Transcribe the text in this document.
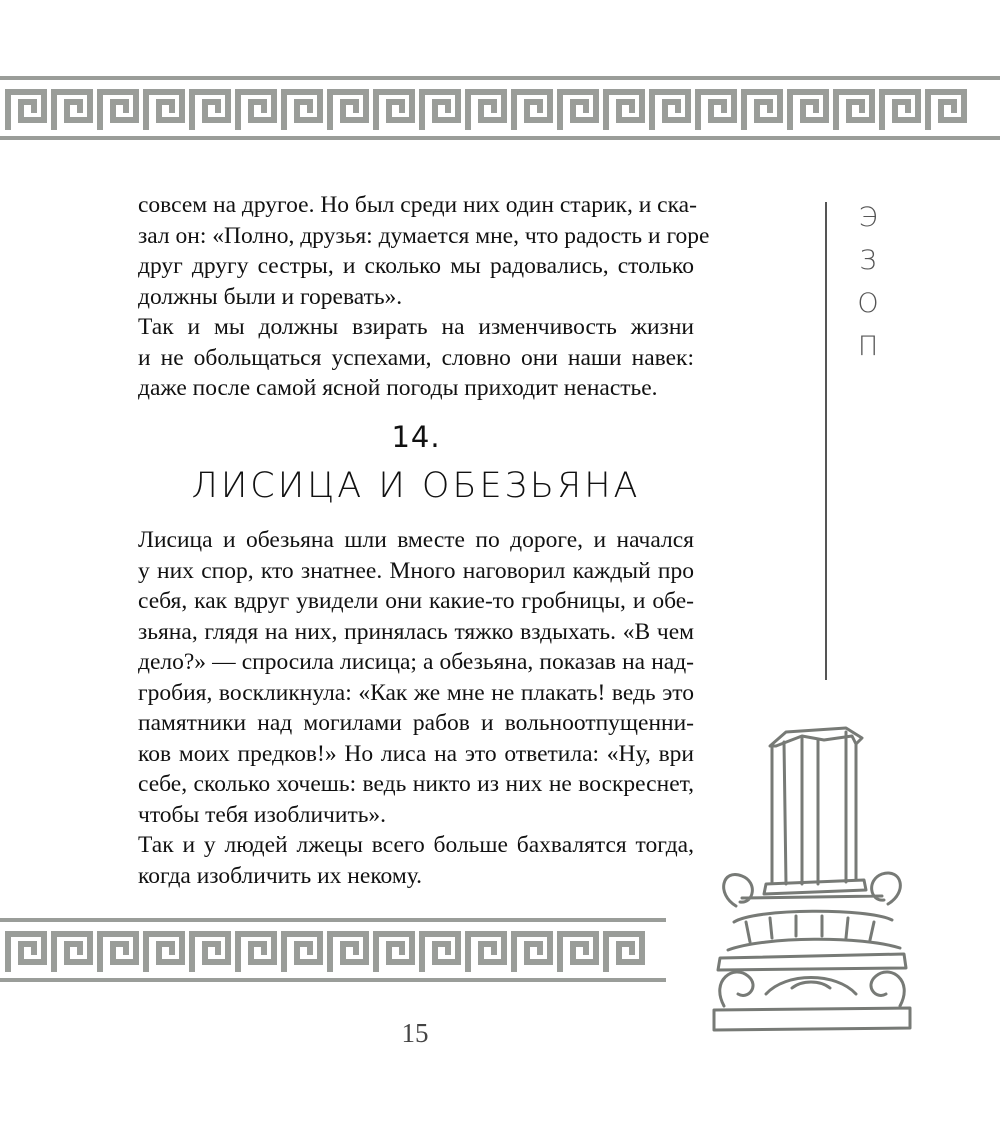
совсем на другое. Но был среди них один старик, и ска-
зал он: «Полно, друзья: думается мне, что радость и горе
друг другу сестры, и сколько мы радовались, столько
должны были и горевать».

Так и мы должны взирать на изменчивость жизни
и не обольщаться успехами, словно они наши навек:
даже после самой ясной погоды приходит ненастье.

14.
ЛИСИЦА И ОБЕЗЬЯНА

Лисица и обезьяна шли вместе по дороге, и начался
у них спор, кто знатнее. Много наговорил каждый про
себя, как вдруг увидели они какие-то гробницы, и обе-
зьяна, глядя на них, принялась тяжко вздыхать. «В чем
дело?» — спросила лисица; а обезьяна, показав на над-
гробия, воскликнула: «Как же мне не плакать! ведь это
памятники над могилами рабов и вольноотпущенни-
ков моих предков!» Но лиса на это ответила: «Ну, ври
себе, сколько хочешь: ведь никто из них не воскреснет,
чтобы тебя изобличить».

Так и у людей лжецы всего больше бахвалятся тогда,
когда изобличить их некому.

Э
З
О
П

15
